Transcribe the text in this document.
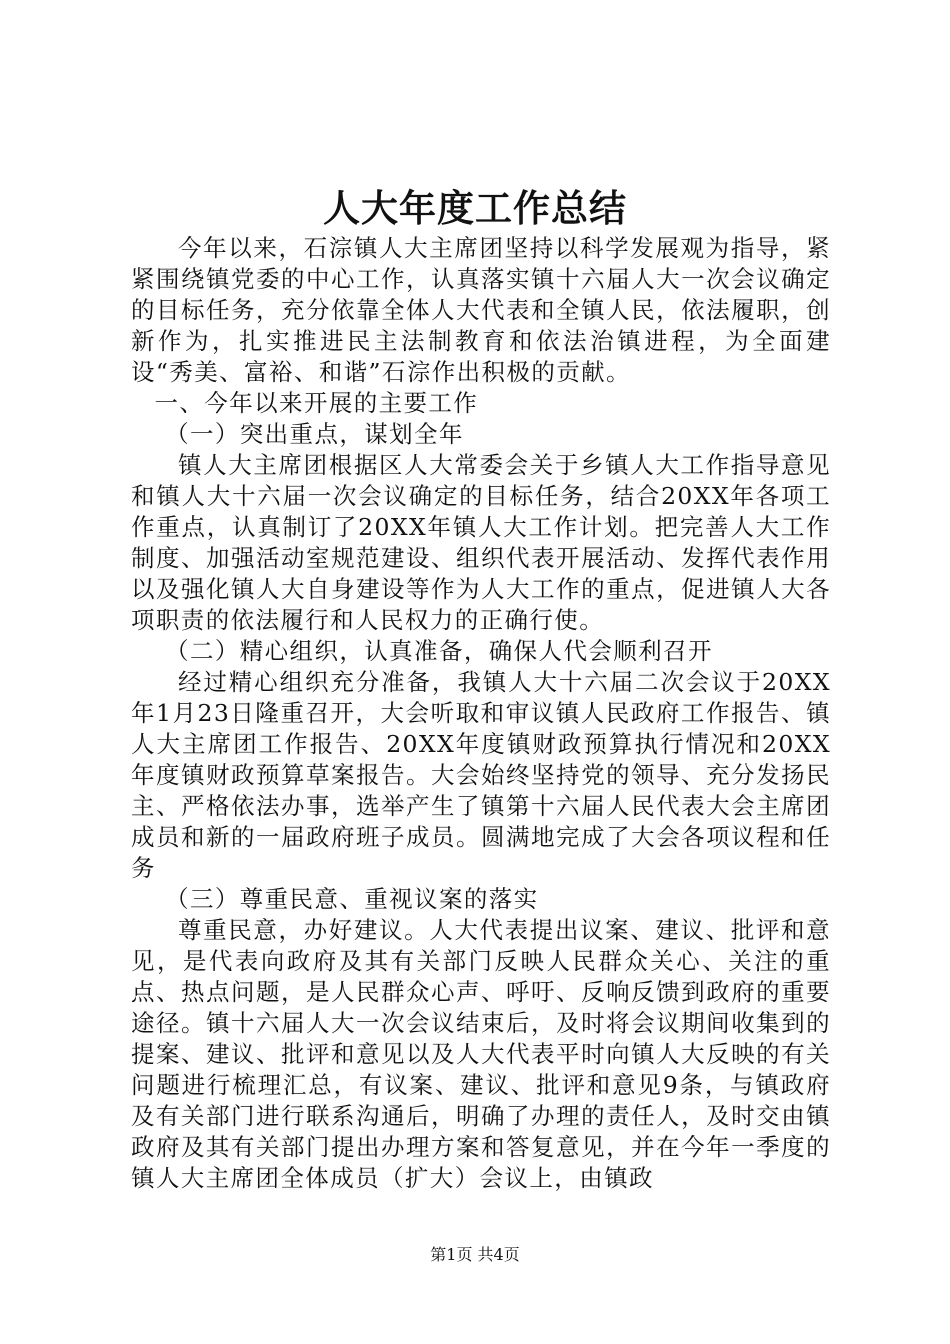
人大年度工作总结

今年以来，石淙镇人大主席团坚持以科学发展观为指导，紧紧围绕镇党委的中心工作，认真落实镇十六届人大一次会议确定的目标任务，充分依靠全体人大代表和全镇人民，依法履职，创新作为，扎实推进民主法制教育和依法治镇进程，为全面建设“秀美、富裕、和谐”石淙作出积极的贡献。

一、今年以来开展的主要工作

（一）突出重点，谋划全年

镇人大主席团根据区人大常委会关于乡镇人大工作指导意见和镇人大十六届一次会议确定的目标任务，结合20XX年各项工作重点，认真制订了20XX年镇人大工作计划。把完善人大工作制度、加强活动室规范建设、组织代表开展活动、发挥代表作用以及强化镇人大自身建设等作为人大工作的重点，促进镇人大各项职责的依法履行和人民权力的正确行使。

（二）精心组织，认真准备，确保人代会顺利召开

经过精心组织充分准备，我镇人大十六届二次会议于20XX年1月23日隆重召开，大会听取和审议镇人民政府工作报告、镇人大主席团工作报告、20XX年度镇财政预算执行情况和20XX年度镇财政预算草案报告。大会始终坚持党的领导、充分发扬民主、严格依法办事，选举产生了镇第十六届人民代表大会主席团成员和新的一届政府班子成员。圆满地完成了大会各项议程和任务

（三）尊重民意、重视议案的落实

尊重民意，办好建议。人大代表提出议案、建议、批评和意见，是代表向政府及其有关部门反映人民群众关心、关注的重点、热点问题，是人民群众心声、呼吁、反响反馈到政府的重要途径。镇十六届人大一次会议结束后，及时将会议期间收集到的提案、建议、批评和意见以及人大代表平时向镇人大反映的有关问题进行梳理汇总，有议案、建议、批评和意见9条，与镇政府及有关部门进行联系沟通后，明确了办理的责任人，及时交由镇政府及其有关部门提出办理方案和答复意见，并在今年一季度的镇人大主席团全体成员（扩大）会议上，由镇政

第1页 共4页
